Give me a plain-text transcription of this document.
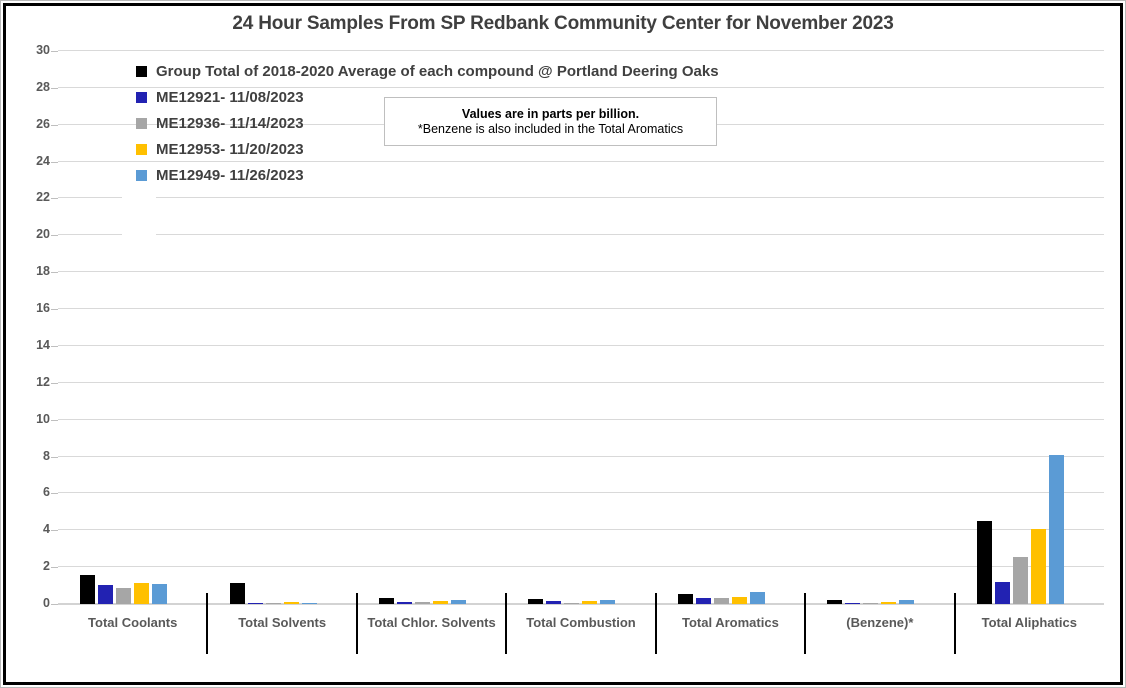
24 Hour Samples From SP Redbank Community Center for November 2023
Group Total of 2018-2020 Average of each compound @ Portland Deering Oaks
ME12921- 11/08/2023
ME12936- 11/14/2023
ME12953- 11/20/2023
ME12949- 11/26/2023
Values are in parts per billion.
*Benzene is also included in the Total Aromatics
0
2
4
6
8
10
12
14
16
18
20
22
24
26
28
30
Total Coolants	Total Solvents	Total Chlor. Solvents	Total Combustion	Total Aromatics	(Benzene)*	Total Aliphatics
